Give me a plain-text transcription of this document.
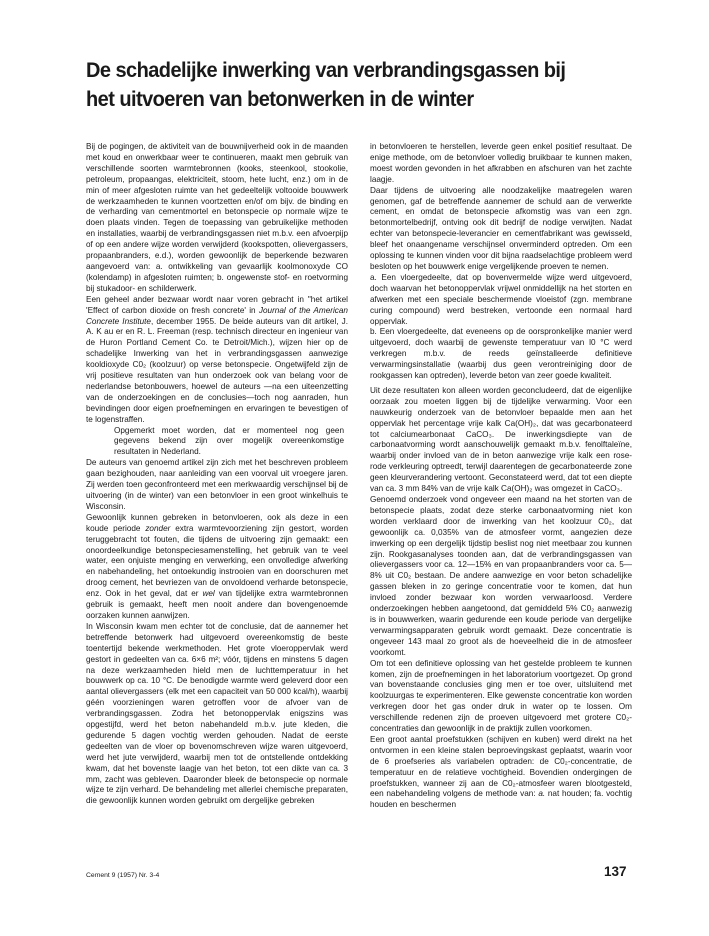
De schadelijke inwerking van verbrandingsgassen bij
het uitvoeren van betonwerken in de winter

Bij de pogingen, de aktiviteit van de bouwnijverheid ook in de maanden met koud en onwerkbaar weer te continueren, maakt men gebruik van verschillende soorten warmtebronnen (kooks, steenkool, stookolie, petroleum, propaangas, elektriciteit, stoom, hete lucht, enz.) om in de min of meer afgesloten ruimte van het gedeeltelijk voltooide bouwwerk de werkzaamheden te kunnen voortzetten en/of om bijv. de binding en de verharding van cementmortel en betonspecie op normale wijze te doen plaats vinden. Tegen de toepassing van gebruikelijke methoden en installaties, waarbij de verbrandingsgassen niet m.b.v. een afvoerpijp of op een andere wijze worden verwijderd (kookspotten, olievergassers, propaanbranders, e.d.), worden gewoonlijk de beperkende bezwaren aangevoerd van: a. ontwikkeling van gevaarlijk koolmonoxyde CO (kolendamp) in afgesloten ruimten; b. ongewenste stof- en roetvorming bij stukadoor- en schilderwerk.

Een geheel ander bezwaar wordt naar voren gebracht in "het artikel 'Effect of carbon dioxide on fresh concrete' in Journal of the American Concrete Institute, december 1955. De beide auteurs van dit artikel, J. A. K au er en R. L. Freeman (resp. technisch directeur en ingenieur van de Huron Portland Cement Co. te Detroit/Mich.), wijzen hier op de schadelijke Inwerking van het in verbrandingsgassen aanwezige kooldioxyde C0₂ (koolzuur) op verse betonspecie. Ongetwijfeld zijn de vrij positieve resultaten van hun onderzoek ook van belang voor de nederlandse betonbouwers, hoewel de auteurs —na een uiteenzetting van de onderzoekingen en de conclusies—toch nog aanraden, hun bevindingen door eigen proefnemingen en ervaringen te bevestigen of te logenstraffen.

Opgemerkt moet worden, dat er momenteel nog geen gegevens bekend zijn over mogelijk overeenkomstige resultaten in Nederland.

De auteurs van genoemd artikel zijn zich met het beschreven probleem gaan bezighouden, naar aanleiding van een voorval uit vroegere jaren. Zij werden toen geconfronteerd met een merkwaardig verschijnsel bij de uitvoering (in de winter) van een betonvloer in een groot winkelhuis te Wisconsin.

Gewoonlijk kunnen gebreken in betonvloeren, ook als deze in een koude periode zonder extra warmtevoorziening zijn gestort, worden teruggebracht tot fouten, die tijdens de uitvoering zijn gemaakt: een onoordeelkundige betonspeciesamenstelling, het gebruik van te veel water, een onjuiste menging en verwerking, een onvolledige afwerking en nabehandeling, het ontoekundig instrooien van en doorschuren met droog cement, het bevriezen van de onvoldoend verharde betonspecie, enz. Ook in het geval, dat er wel van tijdelijke extra warmtebronnen gebruik is gemaakt, heeft men nooit andere dan bovengenoemde oorzaken kunnen aanwijzen.

In Wisconsin kwam men echter tot de conclusie, dat de aannemer het betreffende betonwerk had uitgevoerd overeenkomstig de beste toentertijd bekende werkmethoden. Het grote vloeroppervlak werd gestort in gedeelten van ca. 6×6 m²; vóór, tijdens en minstens 5 dagen na deze werkzaamheden hield men de luchttemperatuur in het bouwwerk op ca. 10 °C. De benodigde warmte werd geleverd door een aantal olievergassers (elk met een capaciteit van 50 000 kcal/h), waarbij géén voorzieningen waren getroffen voor de afvoer van de verbrandingsgassen. Zodra het betonoppervlak enigszins was opgestijfd, werd het beton nabehandeld m.b.v. jute kleden, die gedurende 5 dagen vochtig werden gehouden. Nadat de eerste gedeelten van de vloer op bovenomschreven wijze waren uitgevoerd, werd het jute verwijderd, waarbij men tot de ontstellende ontdekking kwam, dat het bovenste laagje van het beton, tot een dikte van ca. 3 mm, zacht was gebleven. Daaronder bleek de betonspecie op normale wijze te zijn verhard. De behandeling met allerlei chemische preparaten, die gewoonlijk kunnen worden gebruikt om dergelijke gebreken

in betonvloeren te herstellen, leverde geen enkel positief resultaat. De enige methode, om de betonvloer volledig bruikbaar te kunnen maken, moest worden gevonden in het afkrabben en afschuren van het zachte laagje.

Daar tijdens de uitvoering alle noodzakelijke maatregelen waren genomen, gaf de betreffende aannemer de schuld aan de verwerkte cement, en omdat de betonspecie afkomstig was van een zgn. betonmortelbedrijf, ontving ook dit bedrijf de nodige verwijten. Nadat echter van betonspecie-leverancier en cementfabrikant was gewisseld, bleef het onaangename verschijnsel onverminderd optreden. Om een oplossing te kunnen vinden voor dit bijna raadselachtige probleem werd besloten op het bouwwerk enige vergelijkende proeven te nemen.

a. Een vloergedeelte, dat op bovenvermelde wijze werd uitgevoerd, doch waarvan het betonoppervlak vrijwel onmiddellijk na het storten en afwerken met een speciale beschermende vloeistof (zgn. membrane curing compound) werd bestreken, vertoonde een normaal hard oppervlak.

b. Een vloergedeelte, dat eveneens op de oorspronkelijke manier werd uitgevoerd, doch waarbij de gewenste temperatuur van l0 °C werd verkregen m.b.v. de reeds geïnstalleerde definitieve verwarmingsinstallatie (waarbij dus geen verontreiniging door de rookgassen kan optreden), leverde beton van zeer goede kwaliteit.

Uit deze resultaten kon alleen worden geconcludeerd, dat de eigenlijke oorzaak zou moeten liggen bij de tijdelijke verwarming. Voor een nauwkeurig onderzoek van de betonvloer bepaalde men aan het oppervlak het percentage vrije kalk Ca(OH)₂, dat was gecarbonateerd tot calciumearbonaat CaCO₃. De inwerkingsdiepte van de carbonaatvorming wordt aanschouwelijk gemaakt m.b.v. fenolftaleïne, waarbij onder invloed van de in beton aanwezige vrije kalk een rose-rode verkleuring optreedt, terwijl daarentegen de gecarbonateerde zone geen kleurverandering vertoont. Geconstateerd werd, dat tot een diepte van ca. 3 mm 84% van de vrije kalk Ca(OH)₂ was omgezet in CaCO₃.

Genoemd onderzoek vond ongeveer een maand na het storten van de betonspecie plaats, zodat deze sterke carbonaatvorming niet kon worden verklaard door de inwerking van het koolzuur C0₂, dat gewoonlijk ca. 0,035% van de atmosfeer vormt, aangezien deze inwerking op een dergelijk tijdstip beslist nog niet meetbaar zou kunnen zijn. Rookgasanalyses toonden aan, dat de verbrandingsgassen van olievergassers voor ca. 12—15% en van propaanbranders voor ca. 5—8% uit C0₂ bestaan. De andere aanwezige en voor beton schadelijke gassen bleken in zo geringe concentratie voor te komen, dat hun invloed zonder bezwaar kon worden verwaarloosd. Verdere onderzoekingen hebben aangetoond, dat gemiddeld 5% C0₂ aanwezig is in bouwwerken, waarin gedurende een koude periode van dergelijke verwarmingsapparaten gebruik wordt gemaakt. Deze concentratie is ongeveer 143 maal zo groot als de hoeveelheid die in de atmosfeer voorkomt.

Om tot een definitieve oplossing van het gestelde probleem te kunnen komen, zijn de proefnemingen in het laboratorium voortgezet. Op grond van bovenstaande conclusies ging men er toe over, uitsluitend met koolzuurgas te experimenteren. Elke gewenste concentratie kon worden verkregen door het gas onder druk in water op te lossen. Om verschillende redenen zijn de proeven uitgevoerd met grotere C0₂-concentraties dan gewoonlijk in de praktijk zullen voorkomen.

Een groot aantal proefstukken (schijven en kuben) werd direkt na het ontvormen in een kleine stalen beproevingskast geplaatst, waarin voor de 6 proefseries als variabelen optraden: de C0₂-concentratie, de temperatuur en de relatieve vochtigheid. Bovendien ondergingen de proefstukken, wanneer zij aan de C0₂-atmosfeer waren blootgesteld, een nabehandeling volgens de methode van: a. nat houden; fa. vochtig houden en beschermen

Cement 9 (1957) Nr. 3-4	137
